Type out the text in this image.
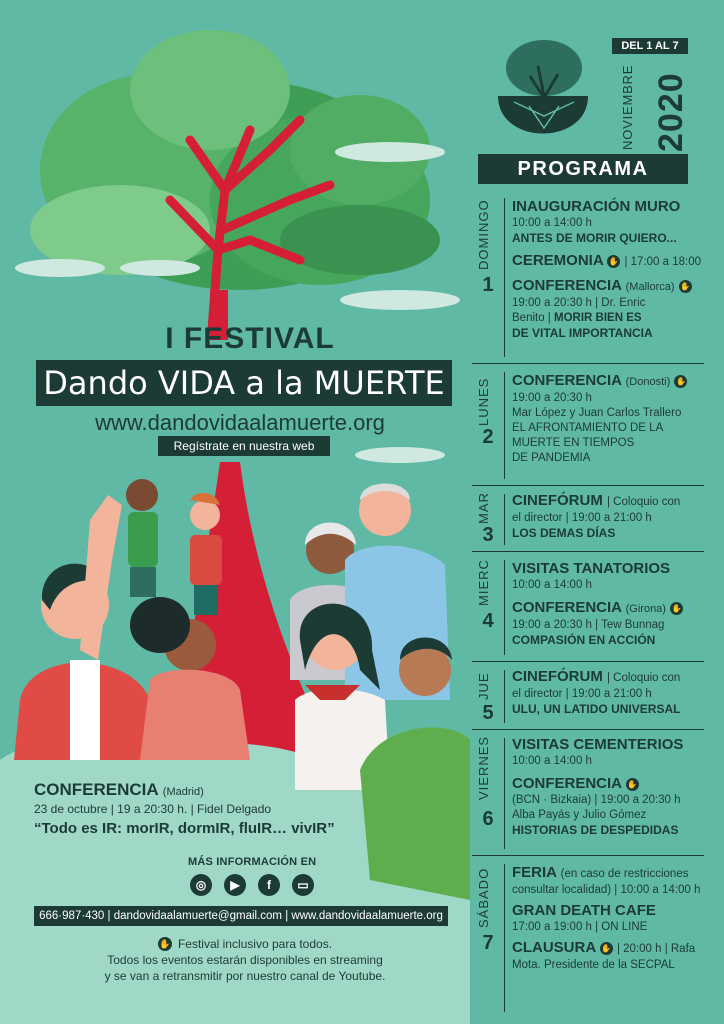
I FESTIVAL
Dando VIDA a la MUERTE
www.dandovidaalamuerte.org
Regístrate en nuestra web
CONFERENCIA (Madrid)
23 de octubre | 19 a 20:30 h. | Fidel Delgado
“Todo es IR: morIR, dormIR, fluIR… vivIR”
MÁS INFORMACIÓN EN
◎	▶	f	▭
666·987·430 | dandovidaalamuerte@gmail.com | www.dandovidaalamuerte.org
✋ Festival inclusivo para todos.
Todos los eventos estarán disponibles en streaming
y se van a retransmitir por nuestro canal de Youtube.
DEL 1 AL 7
NOVIEMBRE 2020
PROGRAMA
DOMINGO
1
INAUGURACIÓN MURO
10:00 a 14:00 h
ANTES DE MORIR QUIERO...
CEREMONIA ✋ | 17:00 a 18:00
CONFERENCIA (Mallorca) ✋
19:00 a 20:30 h | Dr. Enric
Benito | MORIR BIEN ES
DE VITAL IMPORTANCIA
LUNES
2
CONFERENCIA (Donosti) ✋
19:00 a 20:30 h
Mar López y Juan Carlos Trallero
EL AFRONTAMIENTO DE LA
MUERTE EN TIEMPOS
DE PANDEMIA
MAR
3
CINEFÓRUM | Coloquio con
el director | 19:00 a 21:00 h
LOS DEMAS DÍAS
MIERC
4
VISITAS TANATORIOS
10:00 a 14:00 h
CONFERENCIA (Girona) ✋
19:00 a 20:30 h | Tew Bunnag
COMPASIÓN EN ACCIÓN
JUE
5
CINEFÓRUM | Coloquio con
el director | 19:00 a 21:00 h
ULU, UN LATIDO UNIVERSAL
VIERNES
6
VISITAS CEMENTERIOS
10:00 a 14:00 h
CONFERENCIA ✋
(BCN · Bizkaia) | 19:00 a 20:30 h
Alba Payás y Julio Gómez
HISTORIAS DE DESPEDIDAS
SÁBADO
7
FERIA (en caso de restricciones
consultar localidad) | 10:00 a 14:00 h
GRAN DEATH CAFE
17:00 a 19:00 h | ON LINE
CLAUSURA ✋ | 20:00 h | Rafa
Mota. Presidente de la SECPAL
